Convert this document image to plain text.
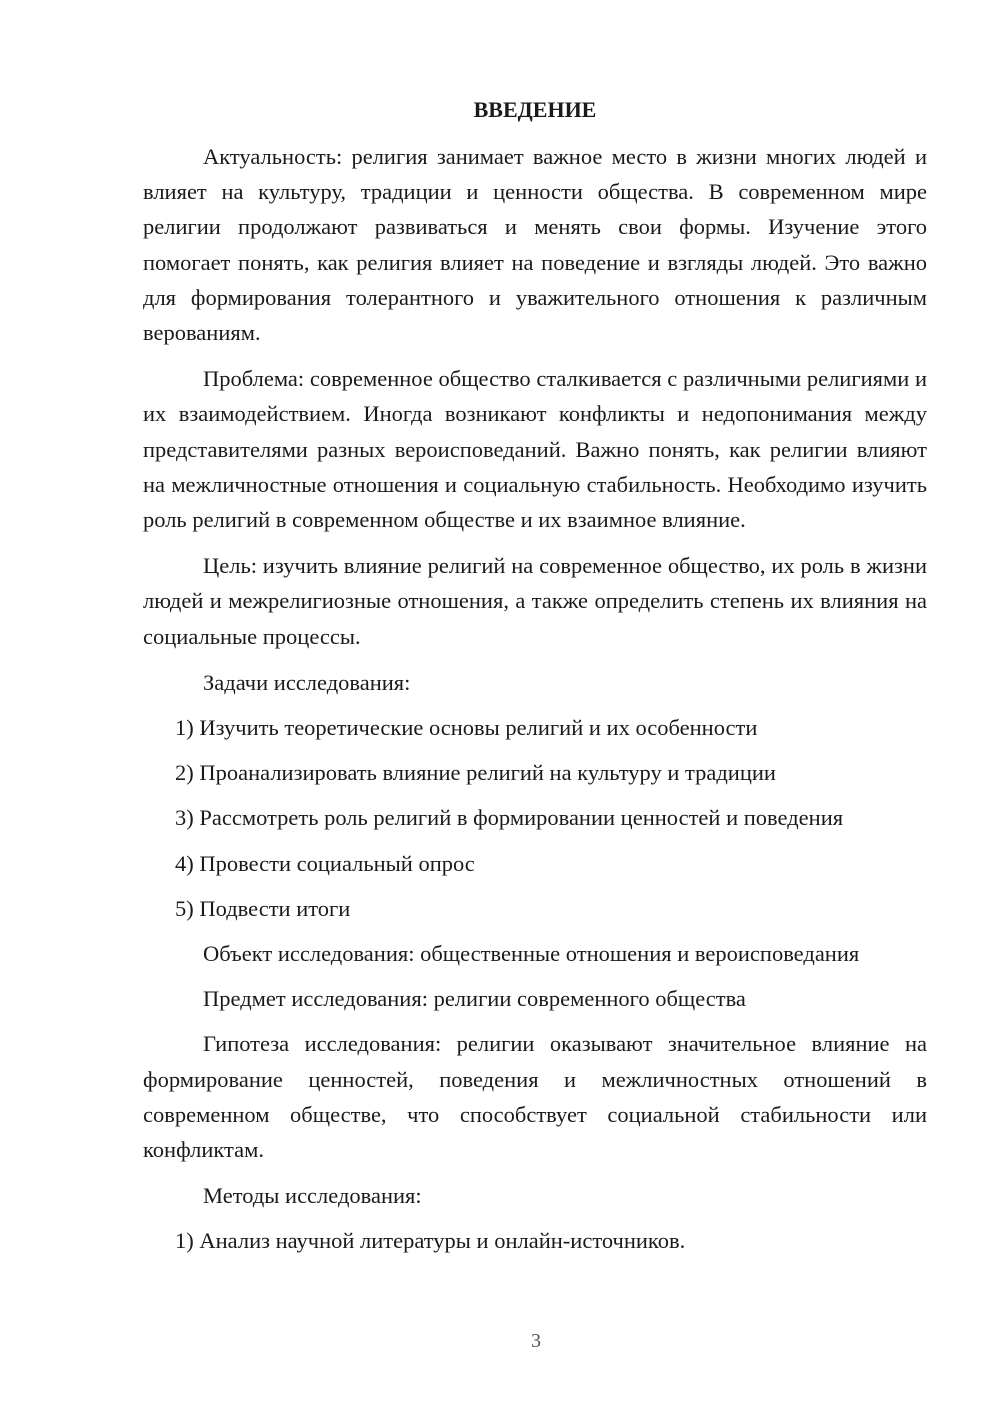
ВВЕДЕНИЕ

Актуальность: религия занимает важное место в жизни многих людей и влияет на культуру, традиции и ценности общества. В современном мире религии продолжают развиваться и менять свои формы. Изучение этого помогает понять, как религия влияет на поведение и взгляды людей. Это важно для формирования толерантного и уважительного отношения к различным верованиям.

Проблема: современное общество сталкивается с различными религиями и их взаимодействием. Иногда возникают конфликты и недопонимания между представителями разных вероисповеданий. Важно понять, как религии влияют на межличностные отношения и социальную стабильность. Необходимо изучить роль религий в современном обществе и их взаимное влияние.

Цель: изучить влияние религий на современное общество, их роль в жизни людей и межрелигиозные отношения, а также определить степень их влияния на социальные процессы.

Задачи исследования:
1) Изучить теоретические основы религий и их особенности
2) Проанализировать влияние религий на культуру и традиции
3) Рассмотреть роль религий в формировании ценностей и поведения
4) Провести социальный опрос
5) Подвести итоги
Объект исследования: общественные отношения и вероисповедания
Предмет исследования: религии современного общества

Гипотеза исследования: религии оказывают значительное влияние на формирование ценностей, поведения и межличностных отношений в современном обществе, что способствует социальной стабильности или конфликтам.

Методы исследования:
1) Анализ научной литературы и онлайн-источников.
3
